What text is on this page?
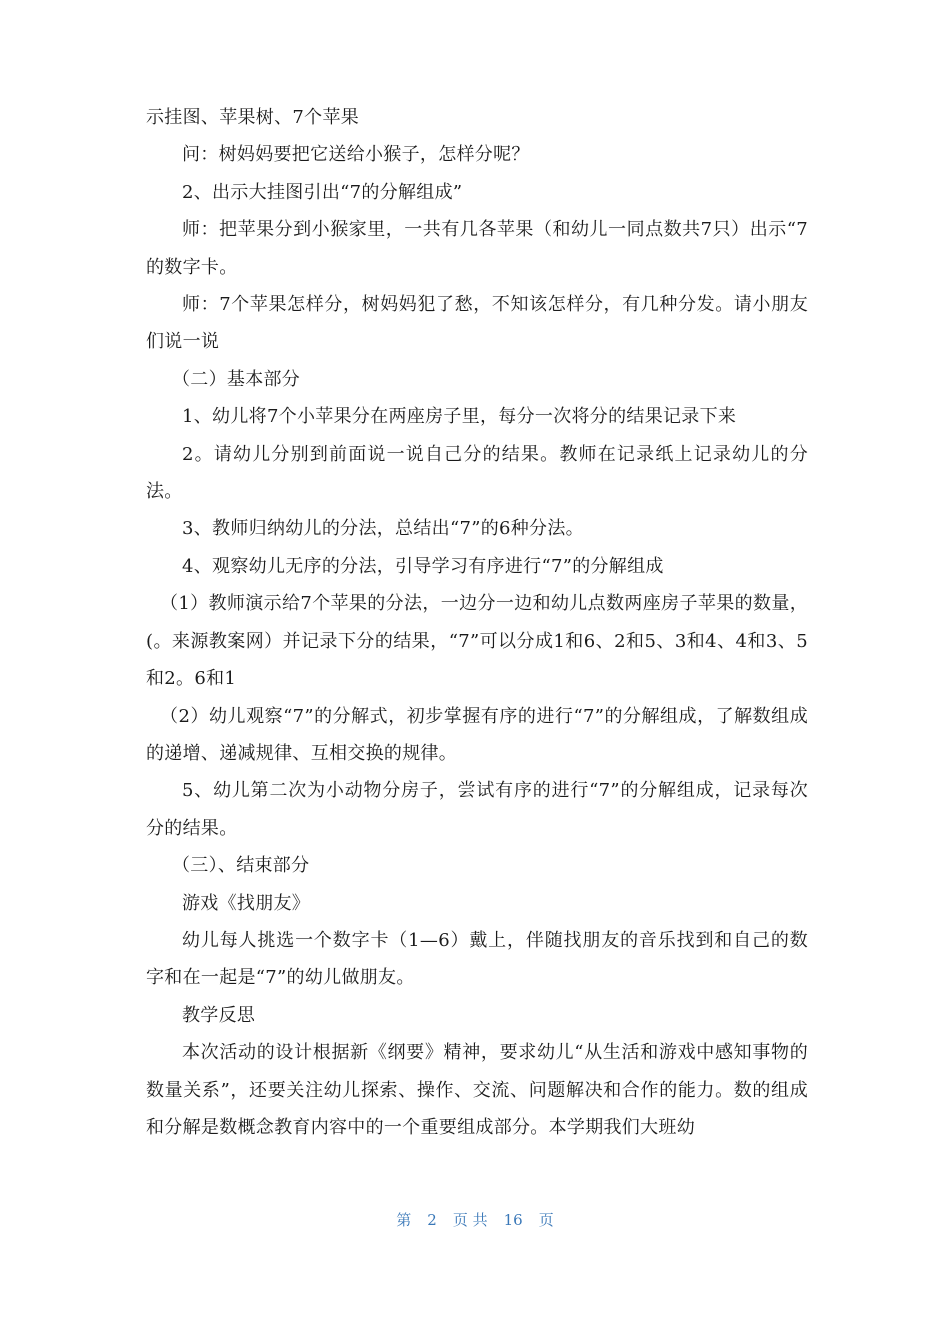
示挂图、苹果树、7个苹果

问：树妈妈要把它送给小猴子，怎样分呢？

2、出示大挂图引出“7的分解组成”

师：把苹果分到小猴家里，一共有几各苹果（和幼儿一同点数共7只）出示“7的数字卡。

师：7个苹果怎样分，树妈妈犯了愁，不知该怎样分，有几种分发。请小朋友们说一说

（二）基本部分

1、幼儿将7个小苹果分在两座房子里，每分一次将分的结果记录下来

2。请幼儿分别到前面说一说自己分的结果。教师在记录纸上记录幼儿的分法。

3、教师归纳幼儿的分法，总结出“7”的6种分法。

4、观察幼儿无序的分法，引导学习有序进行“7”的分解组成

（1）教师演示给7个苹果的分法，一边分一边和幼儿点数两座房子苹果的数量，(。来源教案网）并记录下分的结果，“7”可以分成1和6、2和5、3和4、4和3、5和2。6和1

（2）幼儿观察“7”的分解式，初步掌握有序的进行“7”的分解组成，了解数组成的递增、递减规律、互相交换的规律。

5、幼儿第二次为小动物分房子，尝试有序的进行“7”的分解组成，记录每次分的结果。

（三）、结束部分

游戏《找朋友》

幼儿每人挑选一个数字卡（1—6）戴上，伴随找朋友的音乐找到和自己的数字和在一起是“7”的幼儿做朋友。

教学反思

本次活动的设计根据新《纲要》精神，要求幼儿“从生活和游戏中感知事物的数量关系”，还要关注幼儿探索、操作、交流、问题解决和合作的能力。数的组成和分解是数概念教育内容中的一个重要组成部分。本学期我们大班幼

第 2 页 共 16 页
